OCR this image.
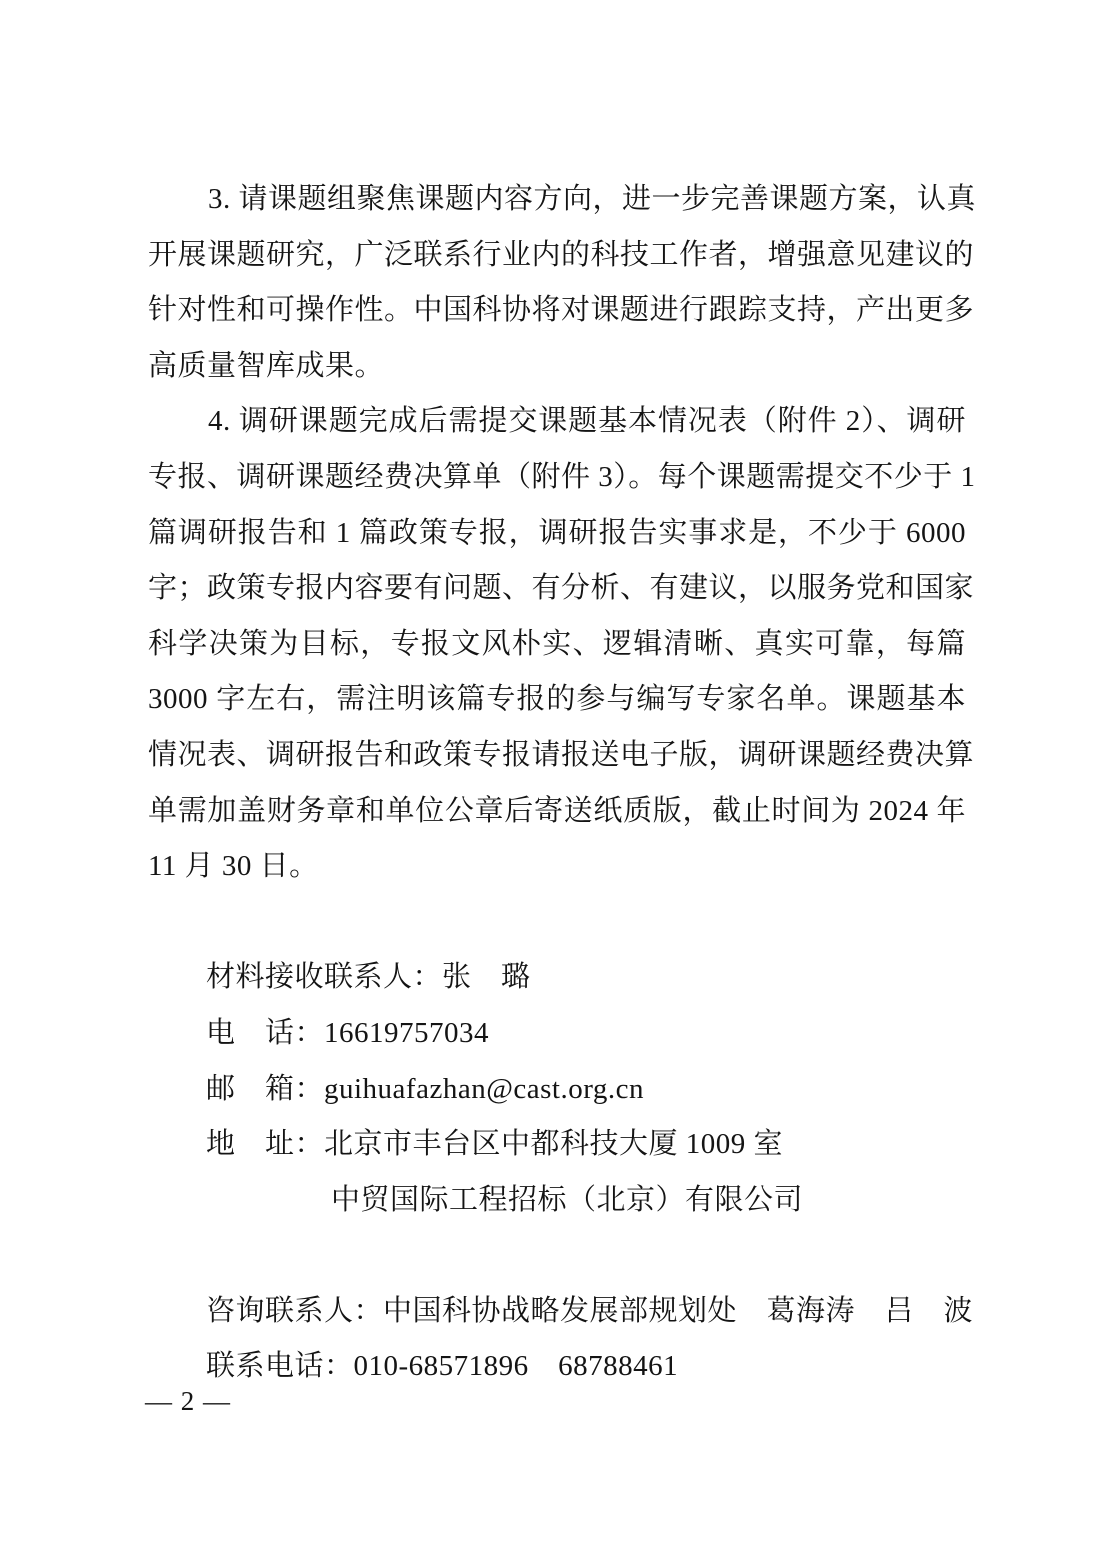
3. 请课题组聚焦课题内容方向，进一步完善课题方案，认真
开展课题研究，广泛联系行业内的科技工作者，增强意见建议的
针对性和可操作性。中国科协将对课题进行跟踪支持，产出更多
高质量智库成果。
4. 调研课题完成后需提交课题基本情况表（附件 2）、调研
专报、调研课题经费决算单（附件 3）。每个课题需提交不少于 1
篇调研报告和 1 篇政策专报，调研报告实事求是，不少于 6000
字；政策专报内容要有问题、有分析、有建议，以服务党和国家
科学决策为目标，专报文风朴实、逻辑清晰、真实可靠，每篇
3000 字左右，需注明该篇专报的参与编写专家名单。课题基本
情况表、调研报告和政策专报请报送电子版，调研课题经费决算
单需加盖财务章和单位公章后寄送纸质版，截止时间为 2024 年
11 月 30 日。
材料接收联系人：张　璐
电　话：16619757034
邮　箱：guihuafazhan@cast.org.cn
地　址：北京市丰台区中都科技大厦 1009 室
中贸国际工程招标（北京）有限公司
咨询联系人：中国科协战略发展部规划处　葛海涛　吕　波
联系电话：010-68571896　68788461
— 2 —
